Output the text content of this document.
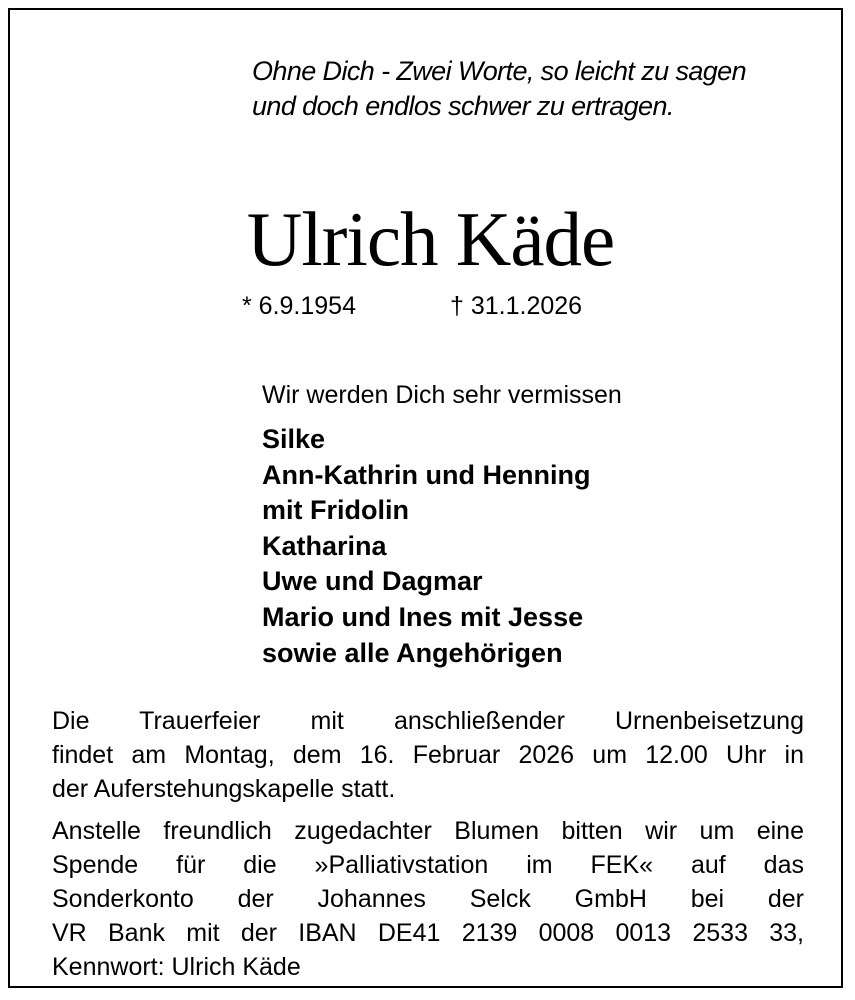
Ohne Dich - Zwei Worte, so leicht zu sagen
und doch endlos schwer zu ertragen.

Ulrich Käde
* 6.9.1954	† 31.1.2026

Wir werden Dich sehr vermissen

Silke
Ann-Kathrin und Henning
mit Fridolin
Katharina
Uwe und Dagmar
Mario und Ines mit Jesse
sowie alle Angehörigen

Die Trauerfeier mit anschließender Urnenbeisetzung
findet am Montag, dem 16. Februar 2026 um 12.00 Uhr in
der Auferstehungskapelle statt.

Anstelle freundlich zugedachter Blumen bitten wir um eine
Spende für die »Palliativstation im FEK« auf das
Sonderkonto der Johannes Selck GmbH bei der
VR Bank mit der IBAN DE41 2139 0008 0013 2533 33,
Kennwort: Ulrich Käde
